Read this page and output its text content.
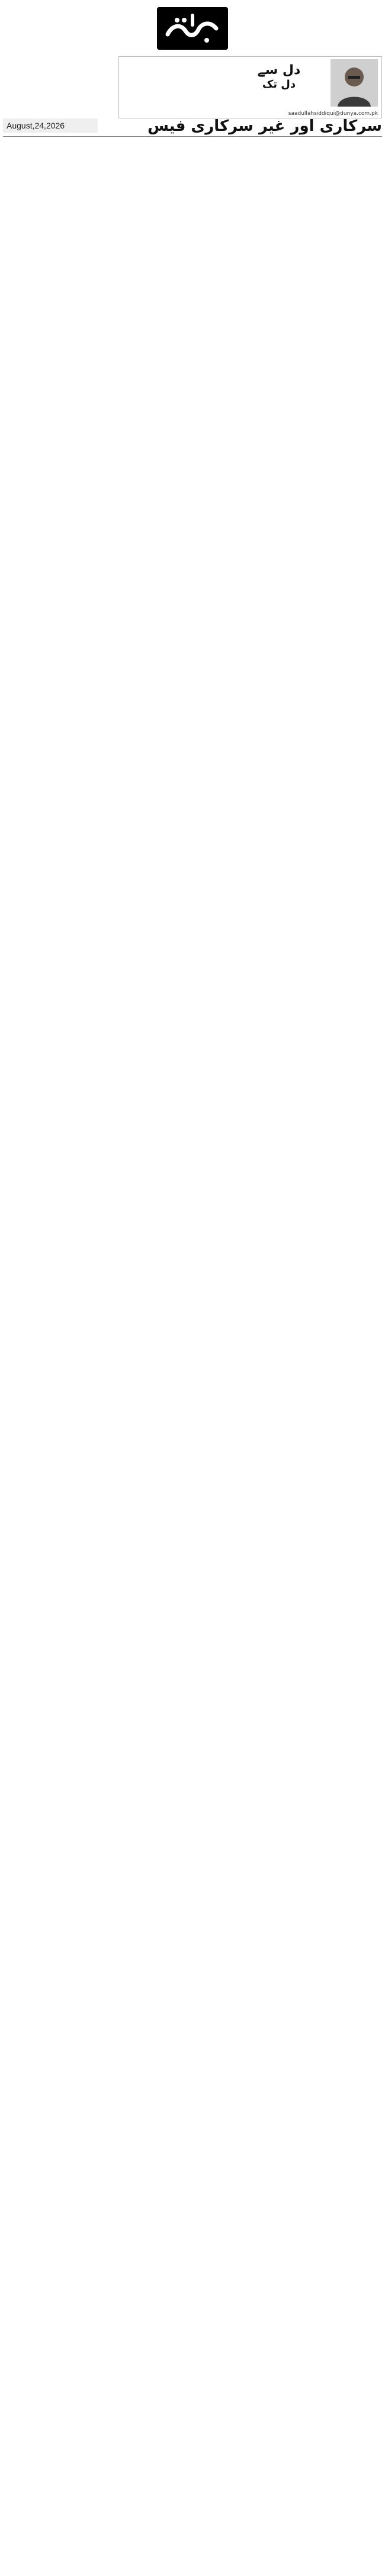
دل سے
دل تک
saadullahsiddiqui@dunya.com.pk
August,24,2026	سرکاری اور غیر سرکاری فیس
